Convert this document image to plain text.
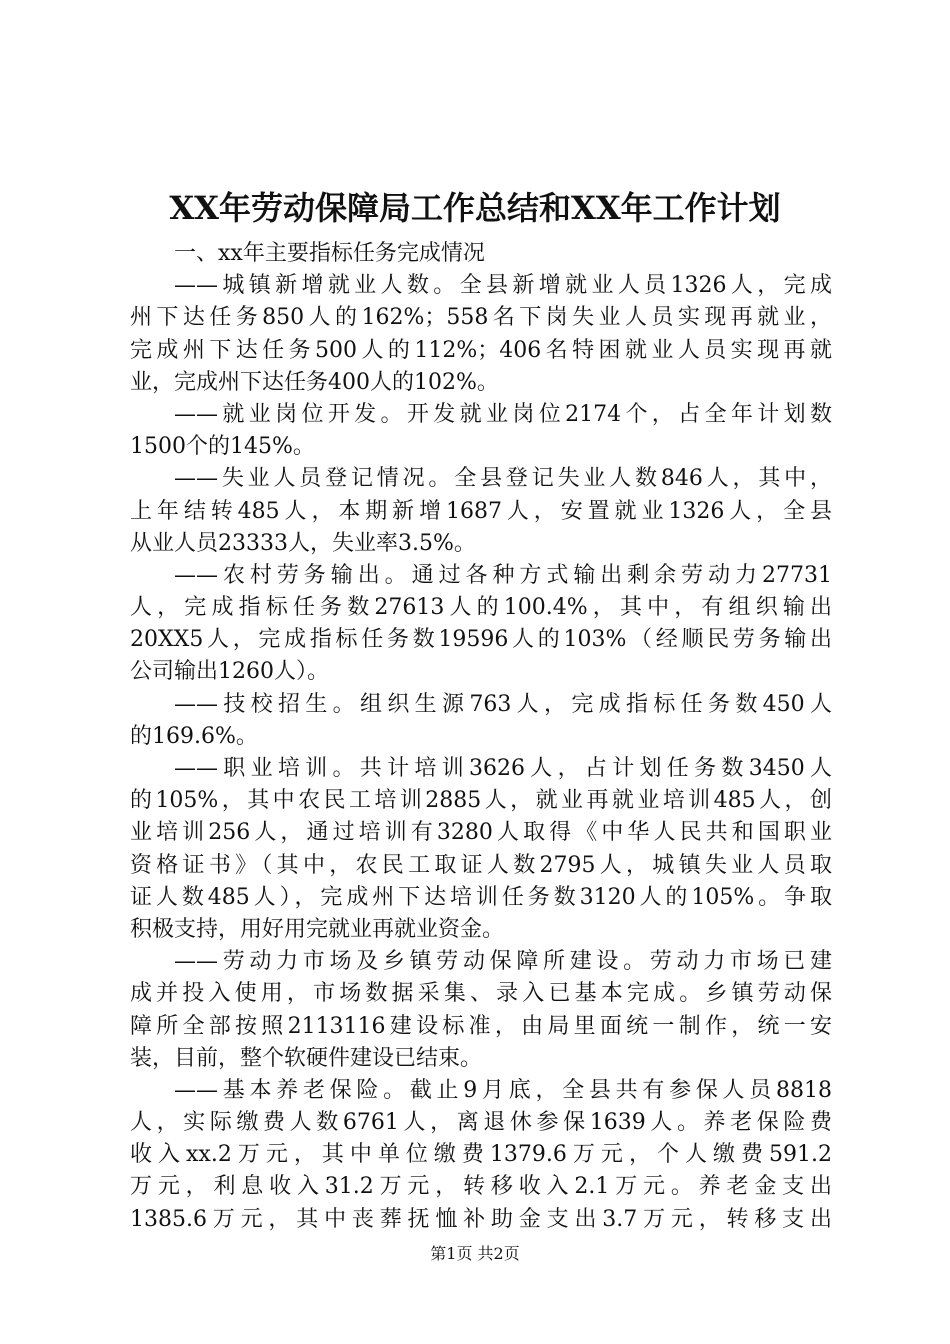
XX年劳动保障局工作总结和XX年工作计划
一、xx年主要指标任务完成情况
——城镇新增就业人数。全县新增就业人员1326人，完成
州下达任务850人的162%；558名下岗失业人员实现再就业，
完成州下达任务500人的112%；406名特困就业人员实现再就
业，完成州下达任务400人的102%。
——就业岗位开发。开发就业岗位2174个，占全年计划数
1500个的145%。
——失业人员登记情况。全县登记失业人数846人，其中，
上年结转485人，本期新增1687人，安置就业1326人，全县
从业人员23333人，失业率3.5%。
——农村劳务输出。通过各种方式输出剩余劳动力27731
人，完成指标任务数27613人的100.4%，其中，有组织输出
20XX5人，完成指标任务数19596人的103%（经顺民劳务输出
公司输出1260人）。
——技校招生。组织生源763人，完成指标任务数450人
的169.6%。
——职业培训。共计培训3626人，占计划任务数3450人
的105%，其中农民工培训2885人，就业再就业培训485人，创
业培训256人，通过培训有3280人取得《中华人民共和国职业
资格证书》（其中，农民工取证人数2795人，城镇失业人员取
证人数485人），完成州下达培训任务数3120人的105%。争取
积极支持，用好用完就业再就业资金。
——劳动力市场及乡镇劳动保障所建设。劳动力市场已建
成并投入使用，市场数据采集、录入已基本完成。乡镇劳动保
障所全部按照2113116建设标准，由局里面统一制作，统一安
装，目前，整个软硬件建设已结束。
——基本养老保险。截止9月底，全县共有参保人员8818
人，实际缴费人数6761人，离退休参保1639人。养老保险费
收入xx.2万元，其中单位缴费1379.6万元，个人缴费591.2
万元，利息收入31.2万元，转移收入2.1万元。养老金支出
1385.6万元，其中丧葬抚恤补助金支出3.7万元，转移支出
第1页 共2页
